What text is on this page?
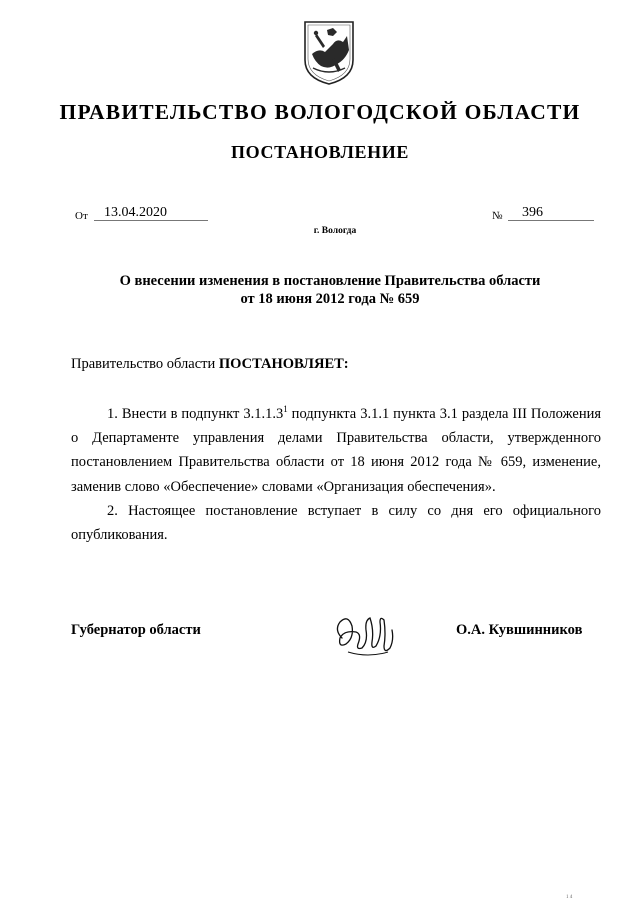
ПРАВИТЕЛЬСТВО ВОЛОГОДСКОЙ ОБЛАСТИ
ПОСТАНОВЛЕНИЕ
От	13.04.2020	№	396
г. Вологда
О внесении изменения в постановление Правительства области
от 18 июня 2012 года № 659
Правительство области ПОСТАНОВЛЯЕТ:

1. Внести в подпункт 3.1.1.3$^1$ подпункта 3.1.1 пункта 3.1 раздела III Положения о Департаменте управления делами Правительства области, утвержденного постановлением Правительства области от 18 июня 2012 года № 659, изменение, заменив слово «Обеспечение» словами «Организация обеспечения».

2. Настоящее постановление вступает в силу со дня его официального опубликования.

Губернатор области	О.А. Кувшинников
1 4
